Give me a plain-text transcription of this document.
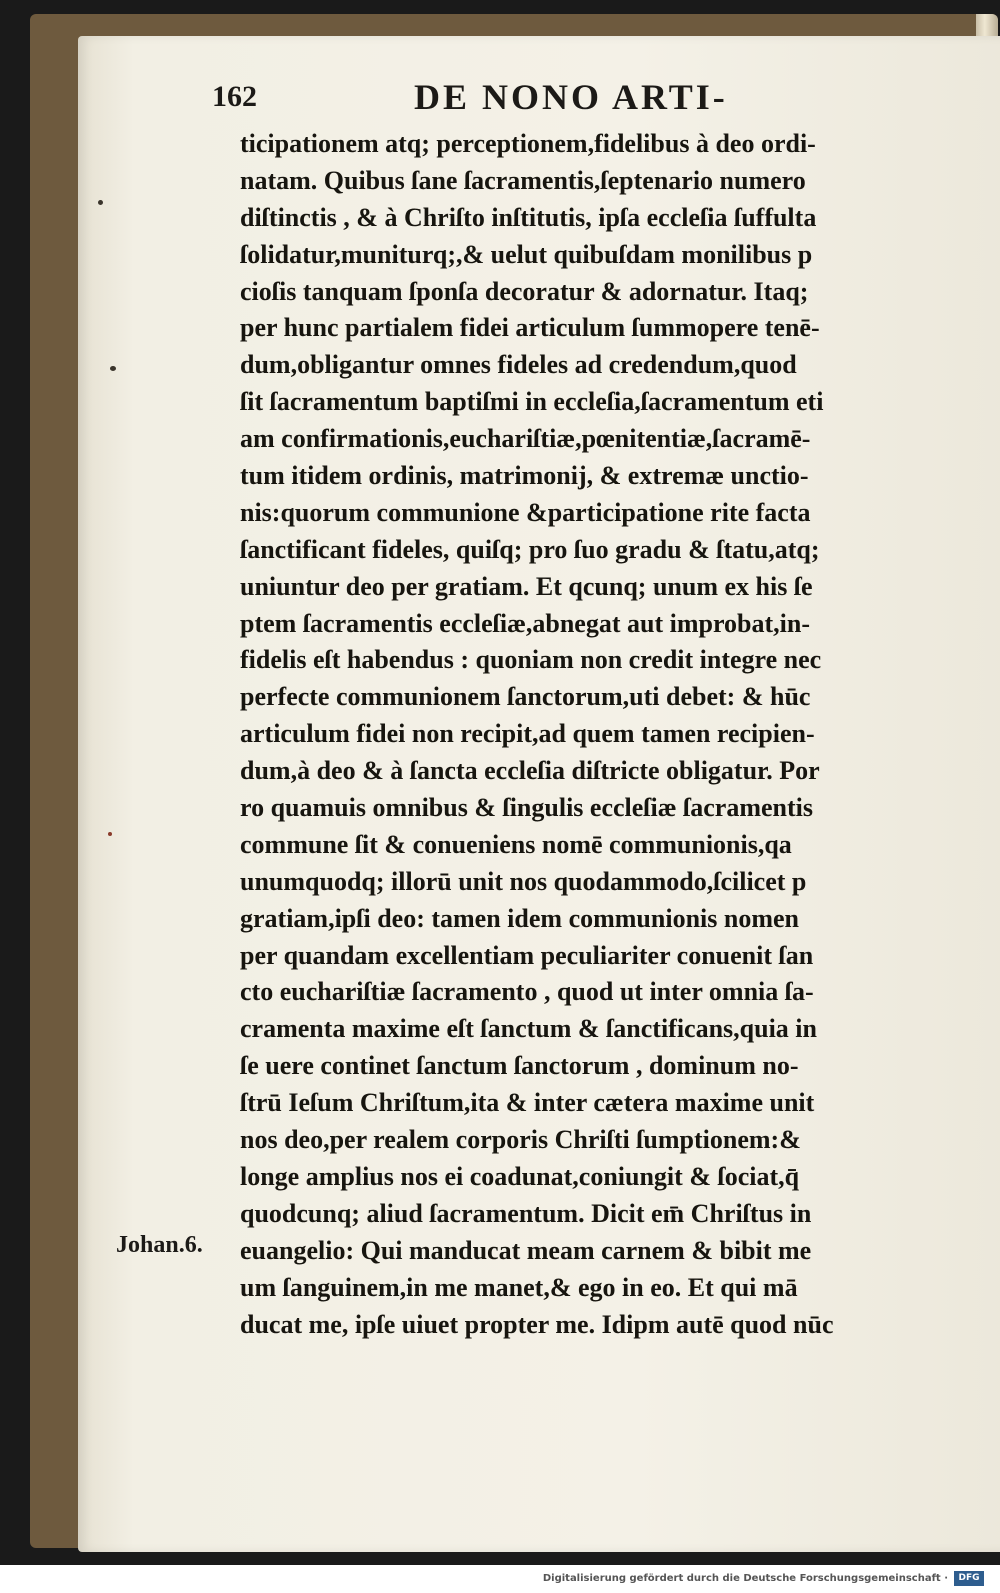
162	DE NONO ARTI-
Johan.6.
ticipationem atq; perceptionem,fidelibus à deo ordi-
natam. Quibus ſane ſacramentis,ſeptenario numero
diſtinctis , & à Chriſto inſtitutis, ipſa eccleſia ſuffulta
ſolidatur,muniturq;,& uelut quibuſdam monilibus p
cioſis tanquam ſponſa decoratur & adornatur. Itaq;
per hunc partialem fidei articulum ſummopere tenē-
dum,obligantur omnes fideles ad credendum,quod
ſit ſacramentum baptiſmi in eccleſia,ſacramentum eti
am confirmationis,euchariſtiæ,pœnitentiæ,ſacramē-
tum itidem ordinis, matrimonij, & extremæ unctio-
nis:quorum communione &participatione rite facta
ſanctificant fideles, quiſq; pro ſuo gradu & ſtatu,atq;
uniuntur deo per gratiam. Et qcunq; unum ex his ſe
ptem ſacramentis eccleſiæ,abnegat aut improbat,in-
fidelis eſt habendus : quoniam non credit integre nec
perfecte communionem ſanctorum,uti debet: & hūc
articulum fidei non recipit,ad quem tamen recipien-
dum,à deo & à ſancta eccleſia diſtricte obligatur. Por
ro quamuis omnibus & ſingulis eccleſiæ ſacramentis
commune ſit & conueniens nomē communionis,qa
unumquodq; illorū unit nos quodammodo,ſcilicet p
gratiam,ipſi deo: tamen idem communionis nomen
per quandam excellentiam peculiariter conuenit ſan
cto euchariſtiæ ſacramento , quod ut inter omnia ſa-
cramenta maxime eſt ſanctum & ſanctificans,quia in
ſe uere continet ſanctum ſanctorum , dominum no-
ſtrū Ieſum Chriſtum,ita & inter cætera maxime unit
nos deo,per realem corporis Chriſti ſumptionem:&
longe amplius nos ei coadunat,coniungit & ſociat,q̄
quodcunq; aliud ſacramentum. Dicit em̄ Chriſtus in
euangelio: Qui manducat meam carnem & bibit me
um ſanguinem,in me manet,& ego in eo. Et qui mā
ducat me, ipſe uiuet propter me. Idipm autē quod nūc
Digitalisierung gefördert durch die Deutsche Forschungsgemeinschaft ·	DFG
